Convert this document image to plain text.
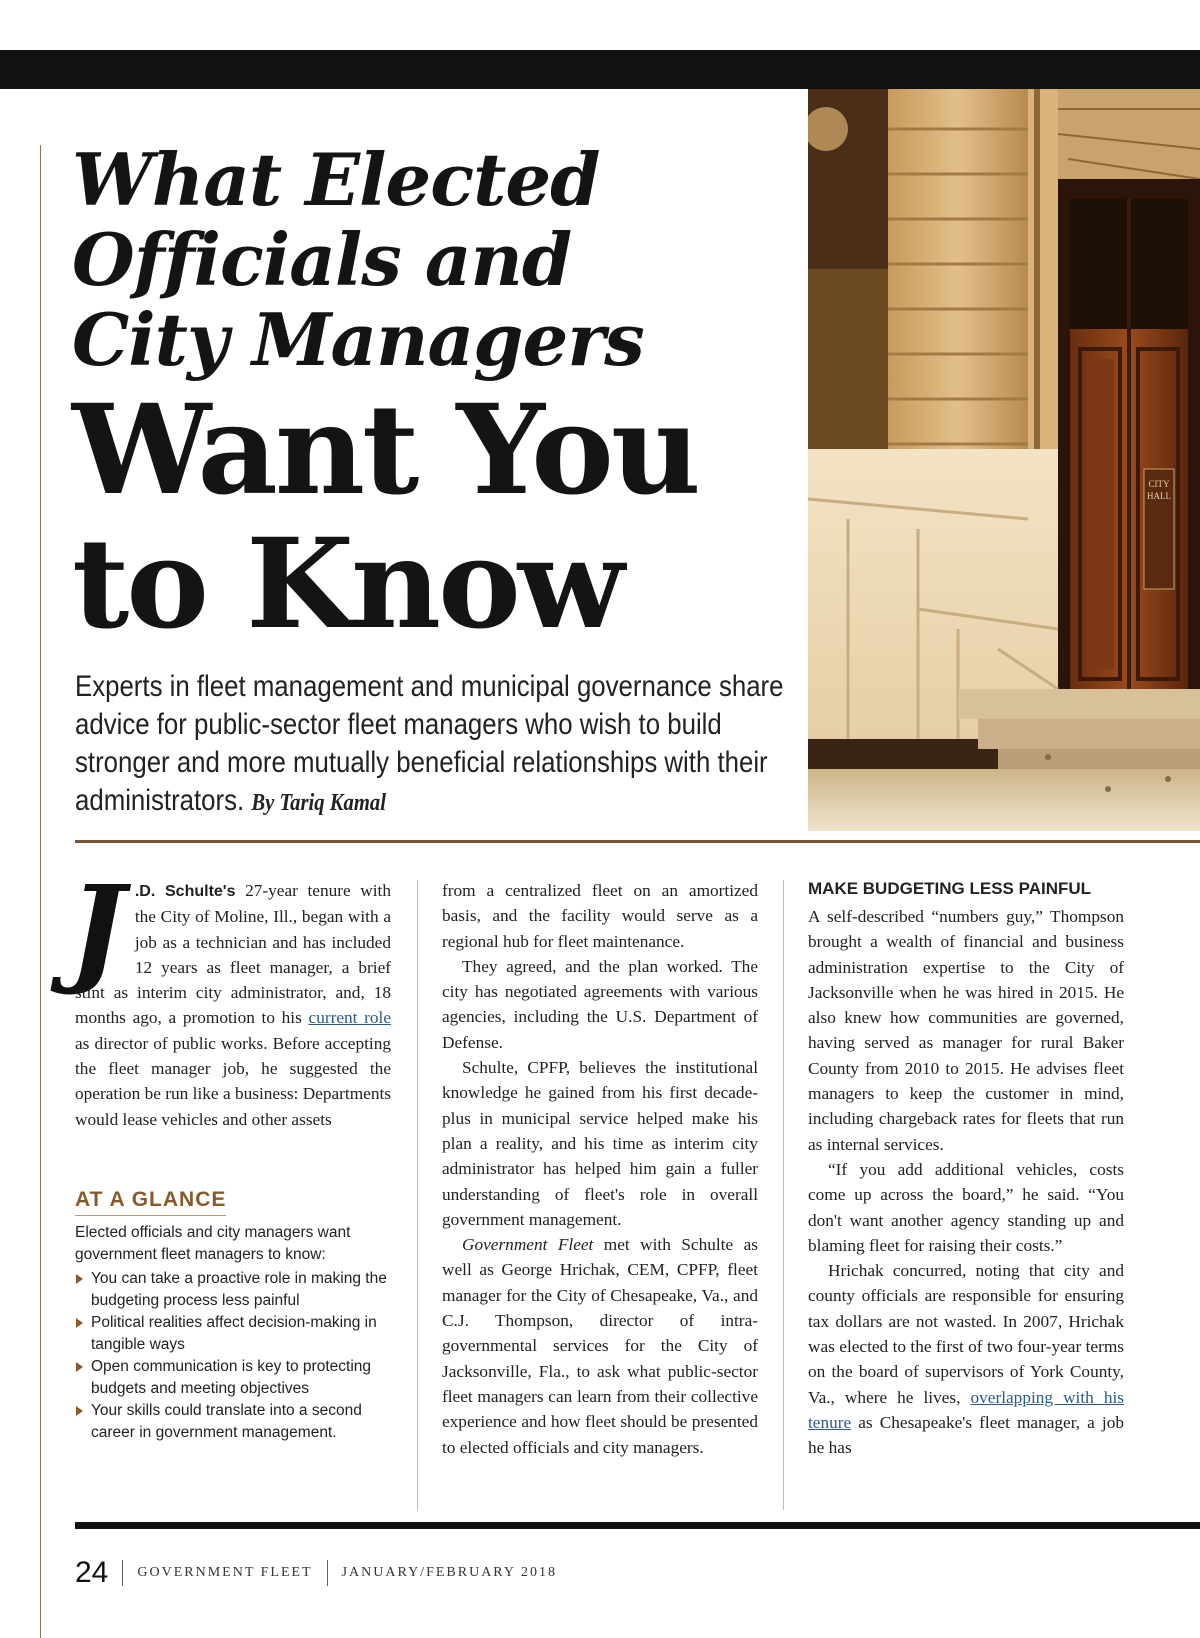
What Elected
Officials and
City Managers
Want You
to Know

Experts in fleet management and municipal governance share advice for public-sector fleet managers who wish to build stronger and more mutually beneficial relationships with their administrators. By Tariq Kamal

CITY
HALL

J .D. Schulte's 27-year tenure with the City of Moline, Ill., began with a job as a technician and has included 12 years as fleet manager, a brief stint as interim city administrator, and, 18 months ago, a promotion to his current role as director of public works. Before accepting the fleet manager job, he suggested the operation be run like a business: Departments would lease vehicles and other assets

AT A GLANCE

Elected officials and city managers want government fleet managers to know:

You can take a proactive role in making the budgeting process less painful
Political realities affect decision-making in tangible ways
Open communication is key to protecting budgets and meeting objectives
Your skills could translate into a second career in government management.

from a centralized fleet on an amortized basis, and the facility would serve as a regional hub for fleet maintenance.

They agreed, and the plan worked. The city has negotiated agreements with various agencies, including the U.S. Department of Defense.

Schulte, CPFP, believes the institutional knowledge he gained from his first decade-plus in municipal service helped make his plan a reality, and his time as interim city administrator has helped him gain a fuller understanding of fleet's role in overall government management.

Government Fleet met with Schulte as well as George Hrichak, CEM, CPFP, fleet manager for the City of Chesapeake, Va., and C.J. Thompson, director of intra-governmental services for the City of Jacksonville, Fla., to ask what public-sector fleet managers can learn from their collective experience and how fleet should be presented to elected officials and city managers.

MAKE BUDGETING LESS PAINFUL

A self-described “numbers guy,” Thompson brought a wealth of financial and business administration expertise to the City of Jacksonville when he was hired in 2015. He also knew how communities are governed, having served as manager for rural Baker County from 2010 to 2015. He advises fleet managers to keep the customer in mind, including chargeback rates for fleets that run as internal services.

“If you add additional vehicles, costs come up across the board,” he said. “You don't want another agency standing up and blaming fleet for raising their costs.”

Hrichak concurred, noting that city and county officials are responsible for ensuring tax dollars are not wasted. In 2007, Hrichak was elected to the first of two four-year terms on the board of supervisors of York County, Va., where he lives, overlapping with his tenure as Chesapeake's fleet manager, a job he has

24 GOVERNMENT FLEET JANUARY/FEBRUARY 2018
